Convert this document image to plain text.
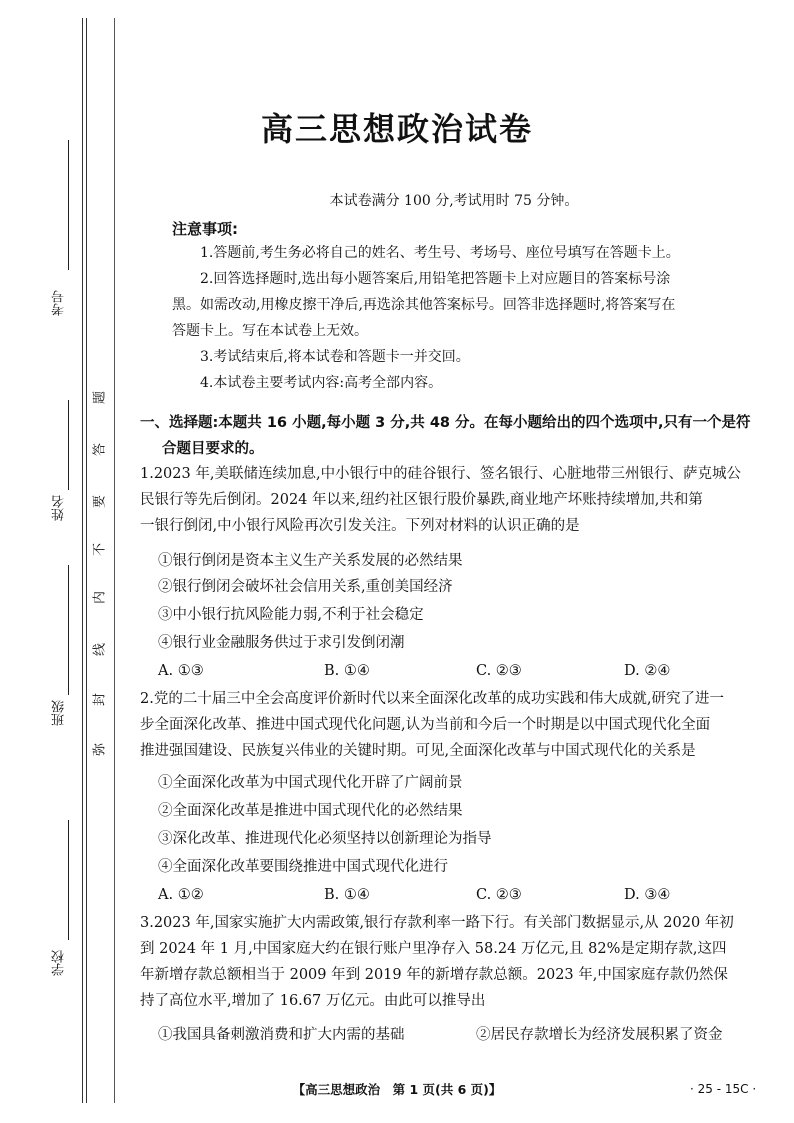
考号
姓名
班级
学校
题
答
要
不
内
线
封
弥
高三思想政治试卷
本试卷满分 100 分,考试用时 75 分钟。
注意事项:
1.答题前,考生务必将自己的姓名、考生号、考场号、座位号填写在答题卡上。
2.回答选择题时,选出每小题答案后,用铅笔把答题卡上对应题目的答案标号涂
黑。如需改动,用橡皮擦干净后,再选涂其他答案标号。回答非选择题时,将答案写在
答题卡上。写在本试卷上无效。
3.考试结束后,将本试卷和答题卡一并交回。
4.本试卷主要考试内容:高考全部内容。
一、选择题:本题共 16 小题,每小题 3 分,共 48 分。在每小题给出的四个选项中,只有一个是符
合题目要求的。
1.2023 年,美联储连续加息,中小银行中的硅谷银行、签名银行、心脏地带三州银行、萨克城公
民银行等先后倒闭。2024 年以来,纽约社区银行股价暴跌,商业地产坏账持续增加,共和第
一银行倒闭,中小银行风险再次引发关注。下列对材料的认识正确的是
①银行倒闭是资本主义生产关系发展的必然结果
②银行倒闭会破坏社会信用关系,重创美国经济
③中小银行抗风险能力弱,不利于社会稳定
④银行业金融服务供过于求引发倒闭潮
A. ①③	B. ①④	C. ②③	D. ②④
2.党的二十届三中全会高度评价新时代以来全面深化改革的成功实践和伟大成就,研究了进一
步全面深化改革、推进中国式现代化问题,认为当前和今后一个时期是以中国式现代化全面
推进强国建设、民族复兴伟业的关键时期。可见,全面深化改革与中国式现代化的关系是
①全面深化改革为中国式现代化开辟了广阔前景
②全面深化改革是推进中国式现代化的必然结果
③深化改革、推进现代化必须坚持以创新理论为指导
④全面深化改革要围绕推进中国式现代化进行
A. ①②	B. ①④	C. ②③	D. ③④
3.2023 年,国家实施扩大内需政策,银行存款利率一路下行。有关部门数据显示,从 2020 年初
到 2024 年 1 月,中国家庭大约在银行账户里净存入 58.24 万亿元,且 82%是定期存款,这四
年新增存款总额相当于 2009 年到 2019 年的新增存款总额。2023 年,中国家庭存款仍然保
持了高位水平,增加了 16.67 万亿元。由此可以推导出
①我国具备刺激消费和扩大内需的基础	②居民存款增长为经济发展积累了资金
【高三思想政治　第 1 页(共 6 页)】	· 25 - 15C ·
